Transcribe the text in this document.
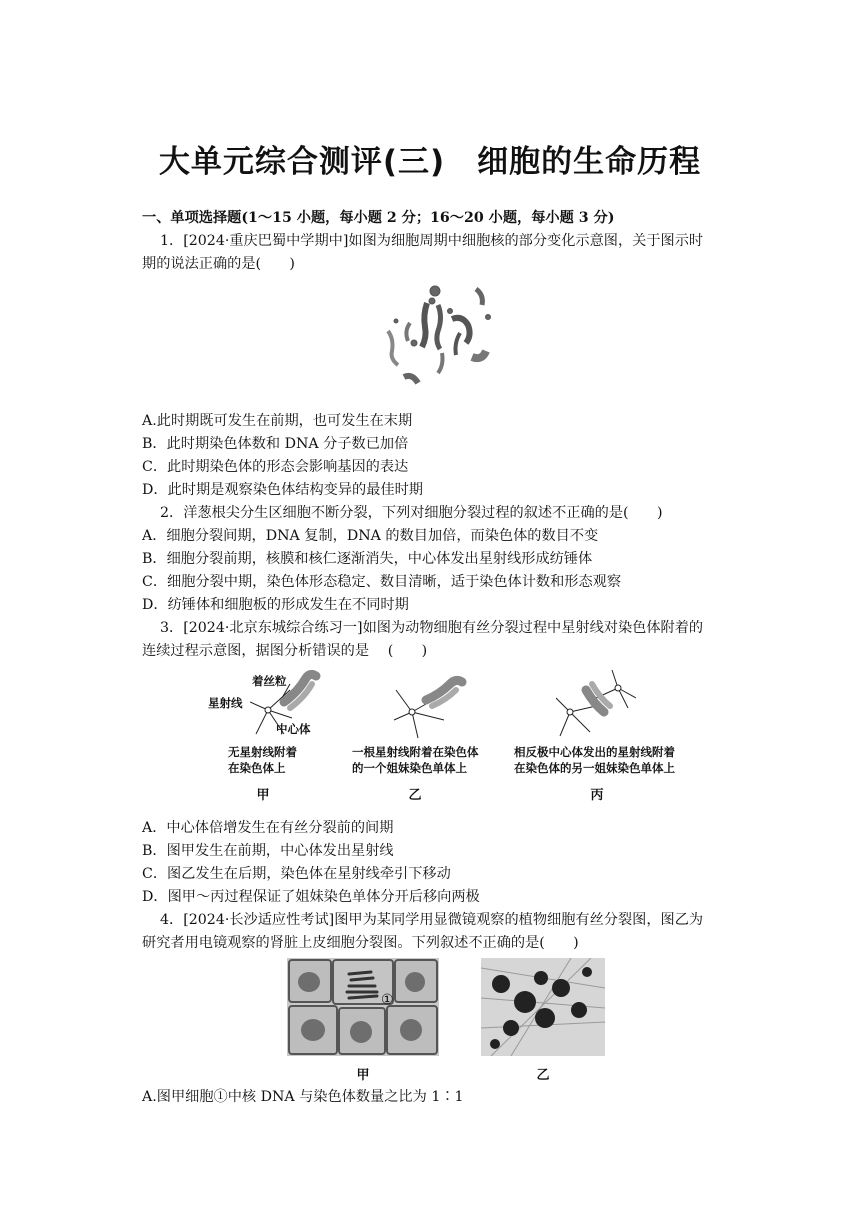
大单元综合测评(三)　细胞的生命历程
一、单项选择题(1～15 小题，每小题 2 分；16～20 小题，每小题 3 分)
1．[2024·重庆巴蜀中学期中]如图为细胞周期中细胞核的部分变化示意图，关于图示时
期的说法正确的是(　　)
A.此时期既可发生在前期，也可发生在末期
B．此时期染色体数和 DNA 分子数已加倍
C．此时期染色体的形态会影响基因的表达
D．此时期是观察染色体结构变异的最佳时期
2．洋葱根尖分生区细胞不断分裂，下列对细胞分裂过程的叙述不正确的是(　　)
A．细胞分裂间期，DNA 复制，DNA 的数目加倍，而染色体的数目不变
B．细胞分裂前期，核膜和核仁逐渐消失，中心体发出星射线形成纺锤体
C．细胞分裂中期，染色体形态稳定、数目清晰，适于染色体计数和形态观察
D．纺锤体和细胞板的形成发生在不同时期
3．[2024·北京东城综合练习一]如图为动物细胞有丝分裂过程中星射线对染色体附着的
连续过程示意图，据图分析错误的是　 (　　)
着丝粒
星射线
中心体
无星射线附着
在染色体上
一根星射线附着在染色体
的一个姐妹染色单体上
相反极中心体发出的星射线附着
在染色体的另一姐妹染色单体上
甲	乙	丙
A．中心体倍增发生在有丝分裂前的间期
B．图甲发生在前期，中心体发出星射线
C．图乙发生在后期，染色体在星射线牵引下移动
D．图甲～丙过程保证了姐妹染色单体分开后移向两极
4．[2024·长沙适应性考试]图甲为某同学用显微镜观察的植物细胞有丝分裂图，图乙为
研究者用电镜观察的肾脏上皮细胞分裂图。下列叙述不正确的是(　　)
①
甲	乙
A.图甲细胞①中核 DNA 与染色体数量之比为 1∶1
